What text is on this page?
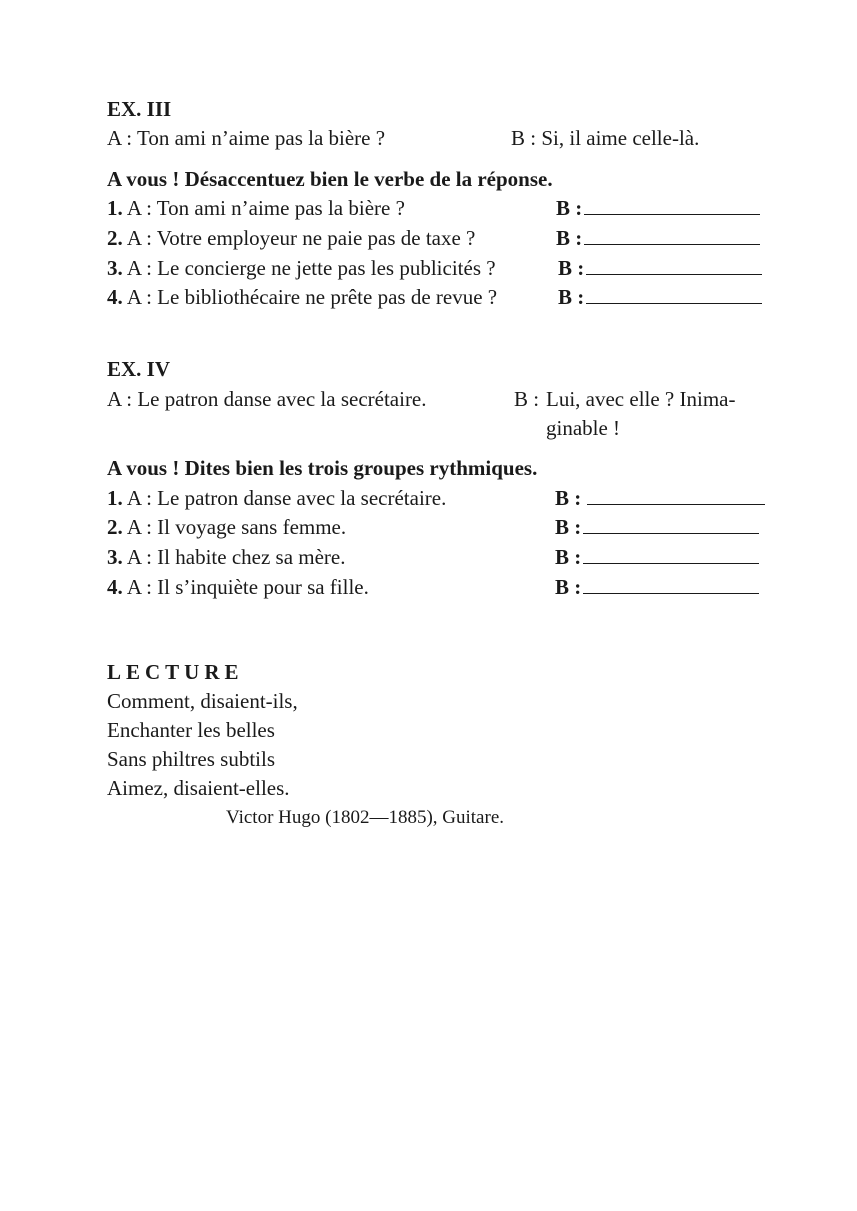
EX. III
A : Ton ami n’aime pas la bière ?	B : Si, il aime celle-là.
A vous ! Désaccentuez bien le verbe de la réponse.
1. A : Ton ami n’aime pas la bière ?	B :
2. A : Votre employeur ne paie pas de taxe ?	B :
3. A : Le concierge ne jette pas les publicités ?	B :
4. A : Le bibliothécaire ne prête pas de revue ?	B :
EX. IV
A : Le patron danse avec la secrétaire.	B : Lui, avec elle ? Inima-
ginable !
A vous ! Dites bien les trois groupes rythmiques.
1. A : Le patron danse avec la secrétaire.	B :
2. A : Il voyage sans femme.	B :
3. A : Il habite chez sa mère.	B :
4. A : Il s’inquiète pour sa fille.	B :
LECTURE
Comment, disaient-ils,
Enchanter les belles
Sans philtres subtils
Aimez, disaient-elles.
Victor Hugo (1802—1885), Guitare.
